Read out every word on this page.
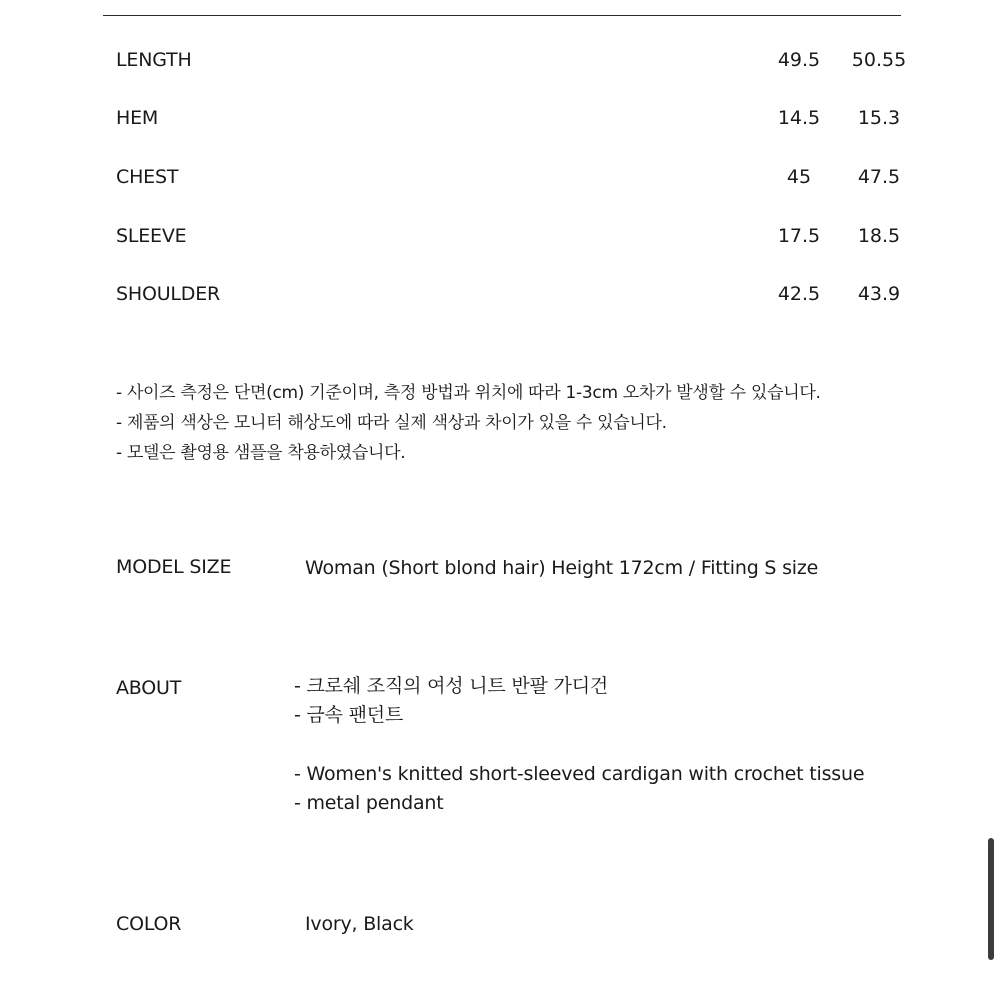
LENGTH	49.5	50.55
HEM	14.5	15.3
CHEST	45	47.5
SLEEVE	17.5	18.5
SHOULDER	42.5	43.9
- 사이즈 측정은 단면(cm) 기준이며, 측정 방법과 위치에 따라 1-3cm 오차가 발생할 수 있습니다.
- 제품의 색상은 모니터 해상도에 따라 실제 색상과 차이가 있을 수 있습니다.
- 모델은 촬영용 샘플을 착용하였습니다.
MODEL SIZE	Woman (Short blond hair) Height 172cm / Fitting S size
ABOUT	- 크로쉐 조직의 여성 니트 반팔 가디건
- 금속 팬던트
- Women's knitted short-sleeved cardigan with crochet tissue
- metal pendant
COLOR	Ivory, Black
